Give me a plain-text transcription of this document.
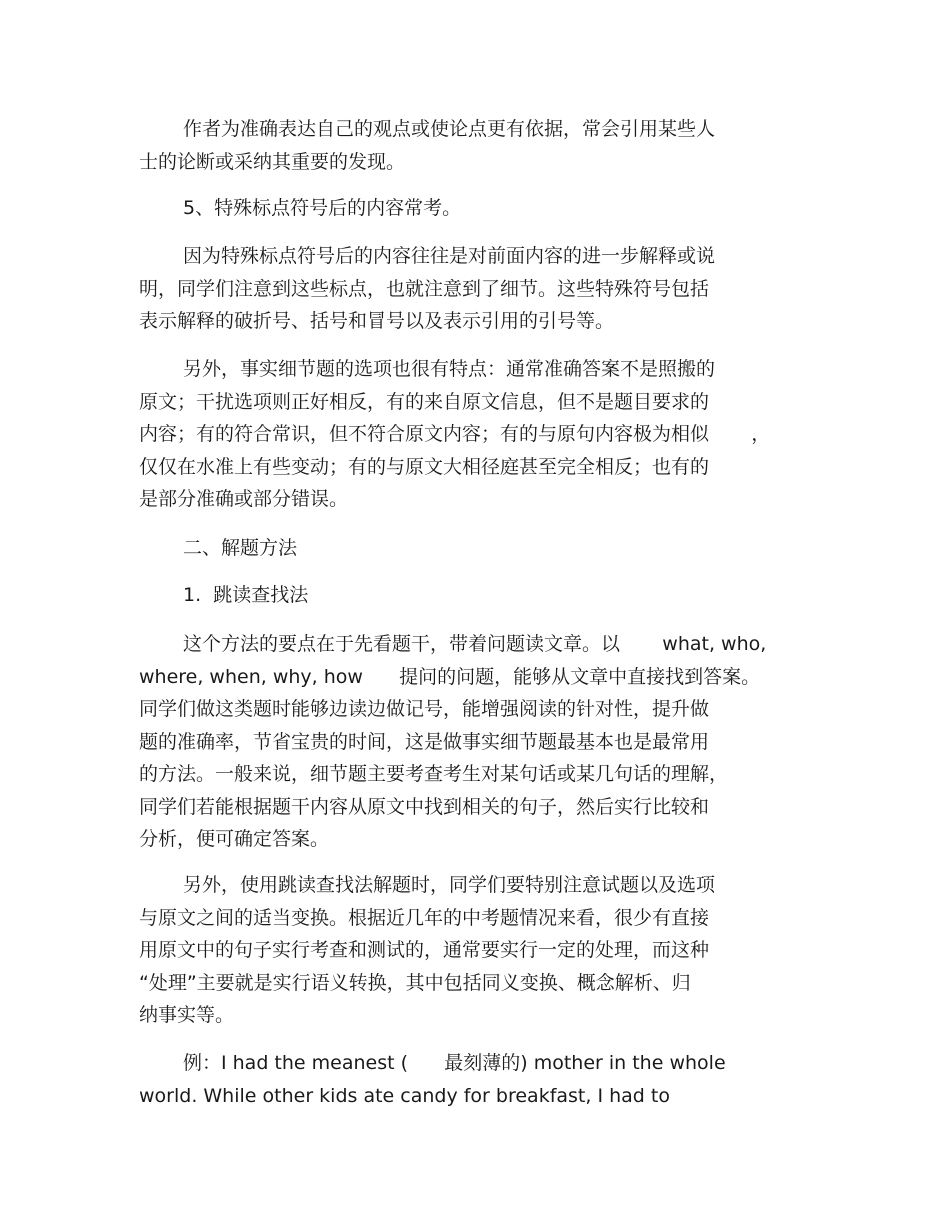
作者为准确表达自己的观点或使论点更有依据，常会引用某些人
士的论断或采纳其重要的发现。
5、特殊标点符号后的内容常考。
因为特殊标点符号后的内容往往是对前面内容的进一步解释或说
明，同学们注意到这些标点，也就注意到了细节。这些特殊符号包括
表示解释的破折号、括号和冒号以及表示引用的引号等。
另外，事实细节题的选项也很有特点：通常准确答案不是照搬的
原文；干扰选项则正好相反，有的来自原文信息，但不是题目要求的
内容；有的符合常识，但不符合原文内容；有的与原句内容极为相似       ，
仅仅在水准上有些变动；有的与原文大相径庭甚至完全相反；也有的
是部分准确或部分错误。
二、解题方法
1.  跳读查找法
这个方法的要点在于先看题干，带着问题读文章。以       what, who,
where, when, why, how      提问的问题，能够从文章中直接找到答案。
同学们做这类题时能够边读边做记号，能增强阅读的针对性，提升做
题的准确率，节省宝贵的时间，这是做事实细节题最基本也是最常用
的方法。一般来说，细节题主要考查考生对某句话或某几句话的理解，
同学们若能根据题干内容从原文中找到相关的句子，然后实行比较和
分析，便可确定答案。
另外，使用跳读查找法解题时，同学们要特别注意试题以及选项
与原文之间的适当变换。根据近几年的中考题情况来看，很少有直接
用原文中的句子实行考查和测试的，通常要实行一定的处理，而这种
“处理”主要就是实行语义转换，其中包括同义变换、概念解析、归
纳事实等。
例：I had the meanest (      最刻薄的) mother in the whole
world. While other kids ate candy for breakfast, I had to
